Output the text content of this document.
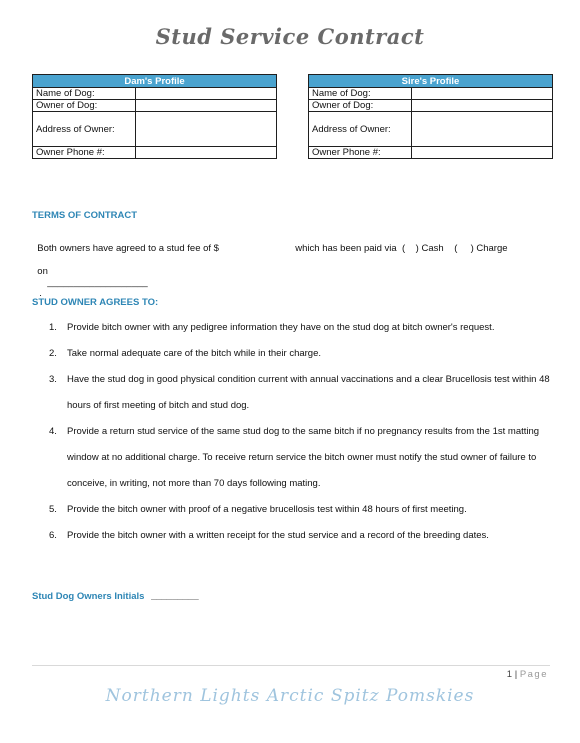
Stud Service Contract
Dam's Profile	
Name of Dog:	
Owner of Dog:	
Address of Owner:	
Owner Phone #:	
Sire's Profile	
Name of Dog:	
Owner of Dog:	
Address of Owner:	
Owner Phone #:	
TERMS OF CONTRACT

Both owners have agreed to a stud fee of $	which has been paid via  (    ) Cash    (     ) Charge

on
___________________
.

STUD OWNER AGREES TO:
1. Provide bitch owner with any pedigree information they have on the stud dog at bitch owner's request.
2. Take normal adequate care of the bitch while in their charge.
3. Have the stud dog in good physical condition current with annual vaccinations and a clear Brucellosis test within 48 hours of first meeting of bitch and stud dog.
4. Provide a return stud service of the same stud dog to the same bitch if no pregnancy results from the 1st matting window at no additional charge. To receive return service the bitch owner must notify the stud owner of failure to conceive, in writing, not more than 70 days following mating.
5. Provide the bitch owner with proof of a negative brucellosis test within 48 hours of first meeting.
6. Provide the bitch owner with a written receipt for the stud service and a record of the breeding dates.
Stud Dog Owners Initials _________
1 | Page
Northern Lights Arctic Spitz Pomskies
